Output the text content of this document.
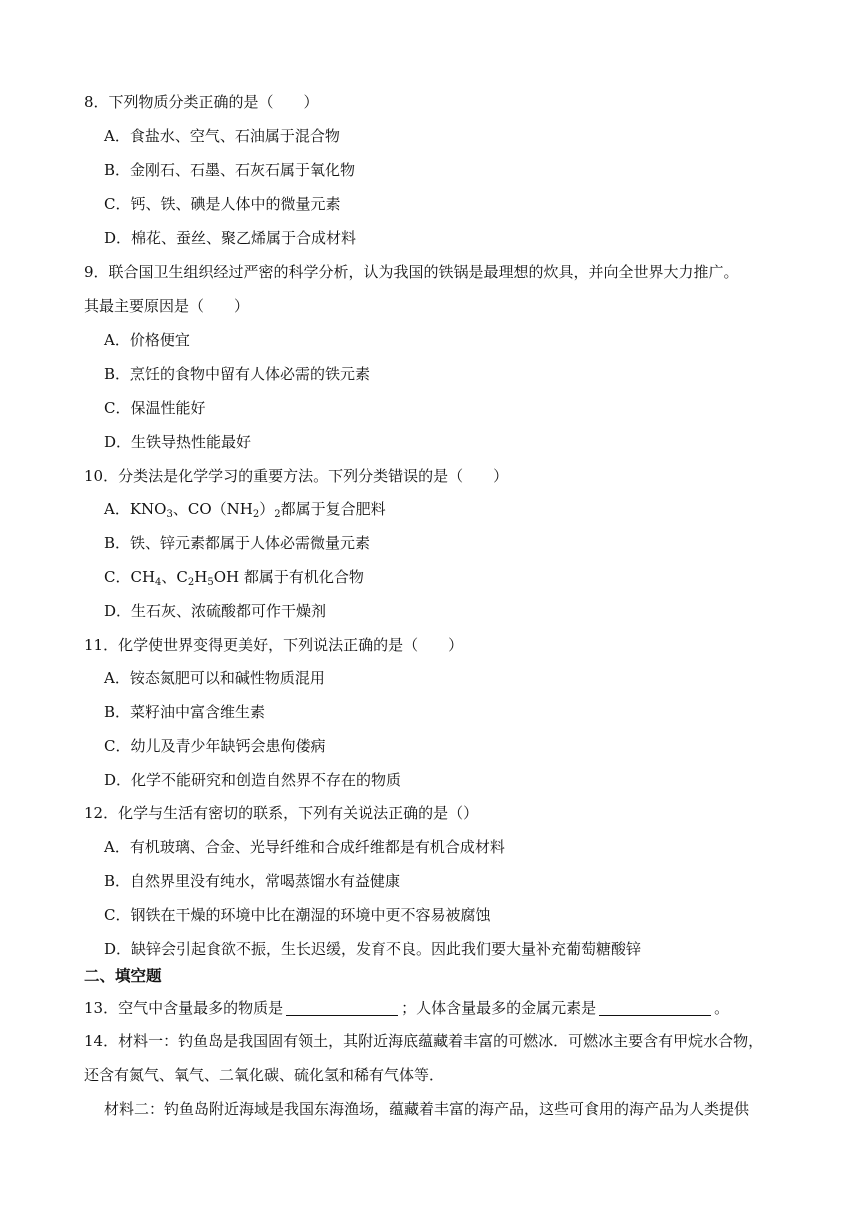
8．下列物质分类正确的是（　　）
A．食盐水、空气、石油属于混合物
B．金刚石、石墨、石灰石属于氧化物
C．钙、铁、碘是人体中的微量元素
D．棉花、蚕丝、聚乙烯属于合成材料
9．联合国卫生组织经过严密的科学分析，认为我国的铁锅是最理想的炊具，并向全世界大力推广。
其最主要原因是（　　）
A．价格便宜
B．烹饪的食物中留有人体必需的铁元素
C．保温性能好
D．生铁导热性能最好
10．分类法是化学学习的重要方法。下列分类错误的是（　　）
A．$KNO_3$、$CO(NH_2)_2$都属于复合肥料
B．铁、锌元素都属于人体必需微量元素
C．$CH_4$、$C_2H_5OH$ 都属于有机化合物
D．生石灰、浓硫酸都可作干燥剂
11．化学使世界变得更美好，下列说法正确的是（　　）
A．铵态氮肥可以和碱性物质混用
B．菜籽油中富含维生素
C．幼儿及青少年缺钙会患佝偻病
D．化学不能研究和创造自然界不存在的物质
12．化学与生活有密切的联系，下列有关说法正确的是（）
A．有机玻璃、合金、光导纤维和合成纤维都是有机合成材料
B．自然界里没有纯水，常喝蒸馏水有益健康
C．钢铁在干燥的环境中比在潮湿的环境中更不容易被腐蚀
D．缺锌会引起食欲不振，生长迟缓，发育不良。因此我们要大量补充葡萄糖酸锌
二、填空题
13．空气中含量最多的物质是	；人体含量最多的金属元素是	。
14．材料一：钓鱼岛是我国固有领土，其附近海底蕴藏着丰富的可燃冰．可燃冰主要含有甲烷水合物，
还含有氮气、氧气、二氧化碳、硫化氢和稀有气体等．
材料二：钓鱼岛附近海域是我国东海渔场，蕴藏着丰富的海产品，这些可食用的海产品为人类提供
